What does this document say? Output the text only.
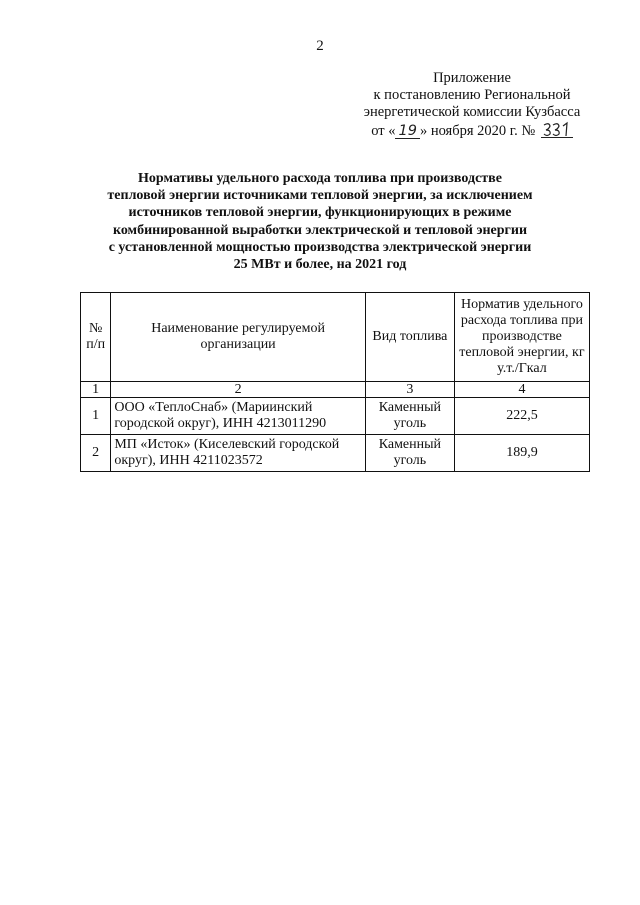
2
Приложение
к постановлению Региональной
энергетической комиссии Кузбасса
от « 19 » ноября 2020 г. №
Нормативы удельного расхода топлива при производстве
тепловой энергии источниками тепловой энергии, за исключением
источников тепловой энергии, функционирующих в режиме
комбинированной выработки электрической и тепловой энергии
с установленной мощностью производства электрической энергии
25 МВт и более, на 2021 год
№ п/п	Наименование регулируемой организации	Вид топлива	Норматив удельного расхода топлива при производстве тепловой энергии, кг у.т./Гкал
1	2	3	4
1	ООО «ТеплоСнаб» (Мариинский городской округ), ИНН 4213011290	Каменный уголь	222,5
2	МП «Исток» (Киселевский городской округ), ИНН 4211023572	Каменный уголь	189,9
